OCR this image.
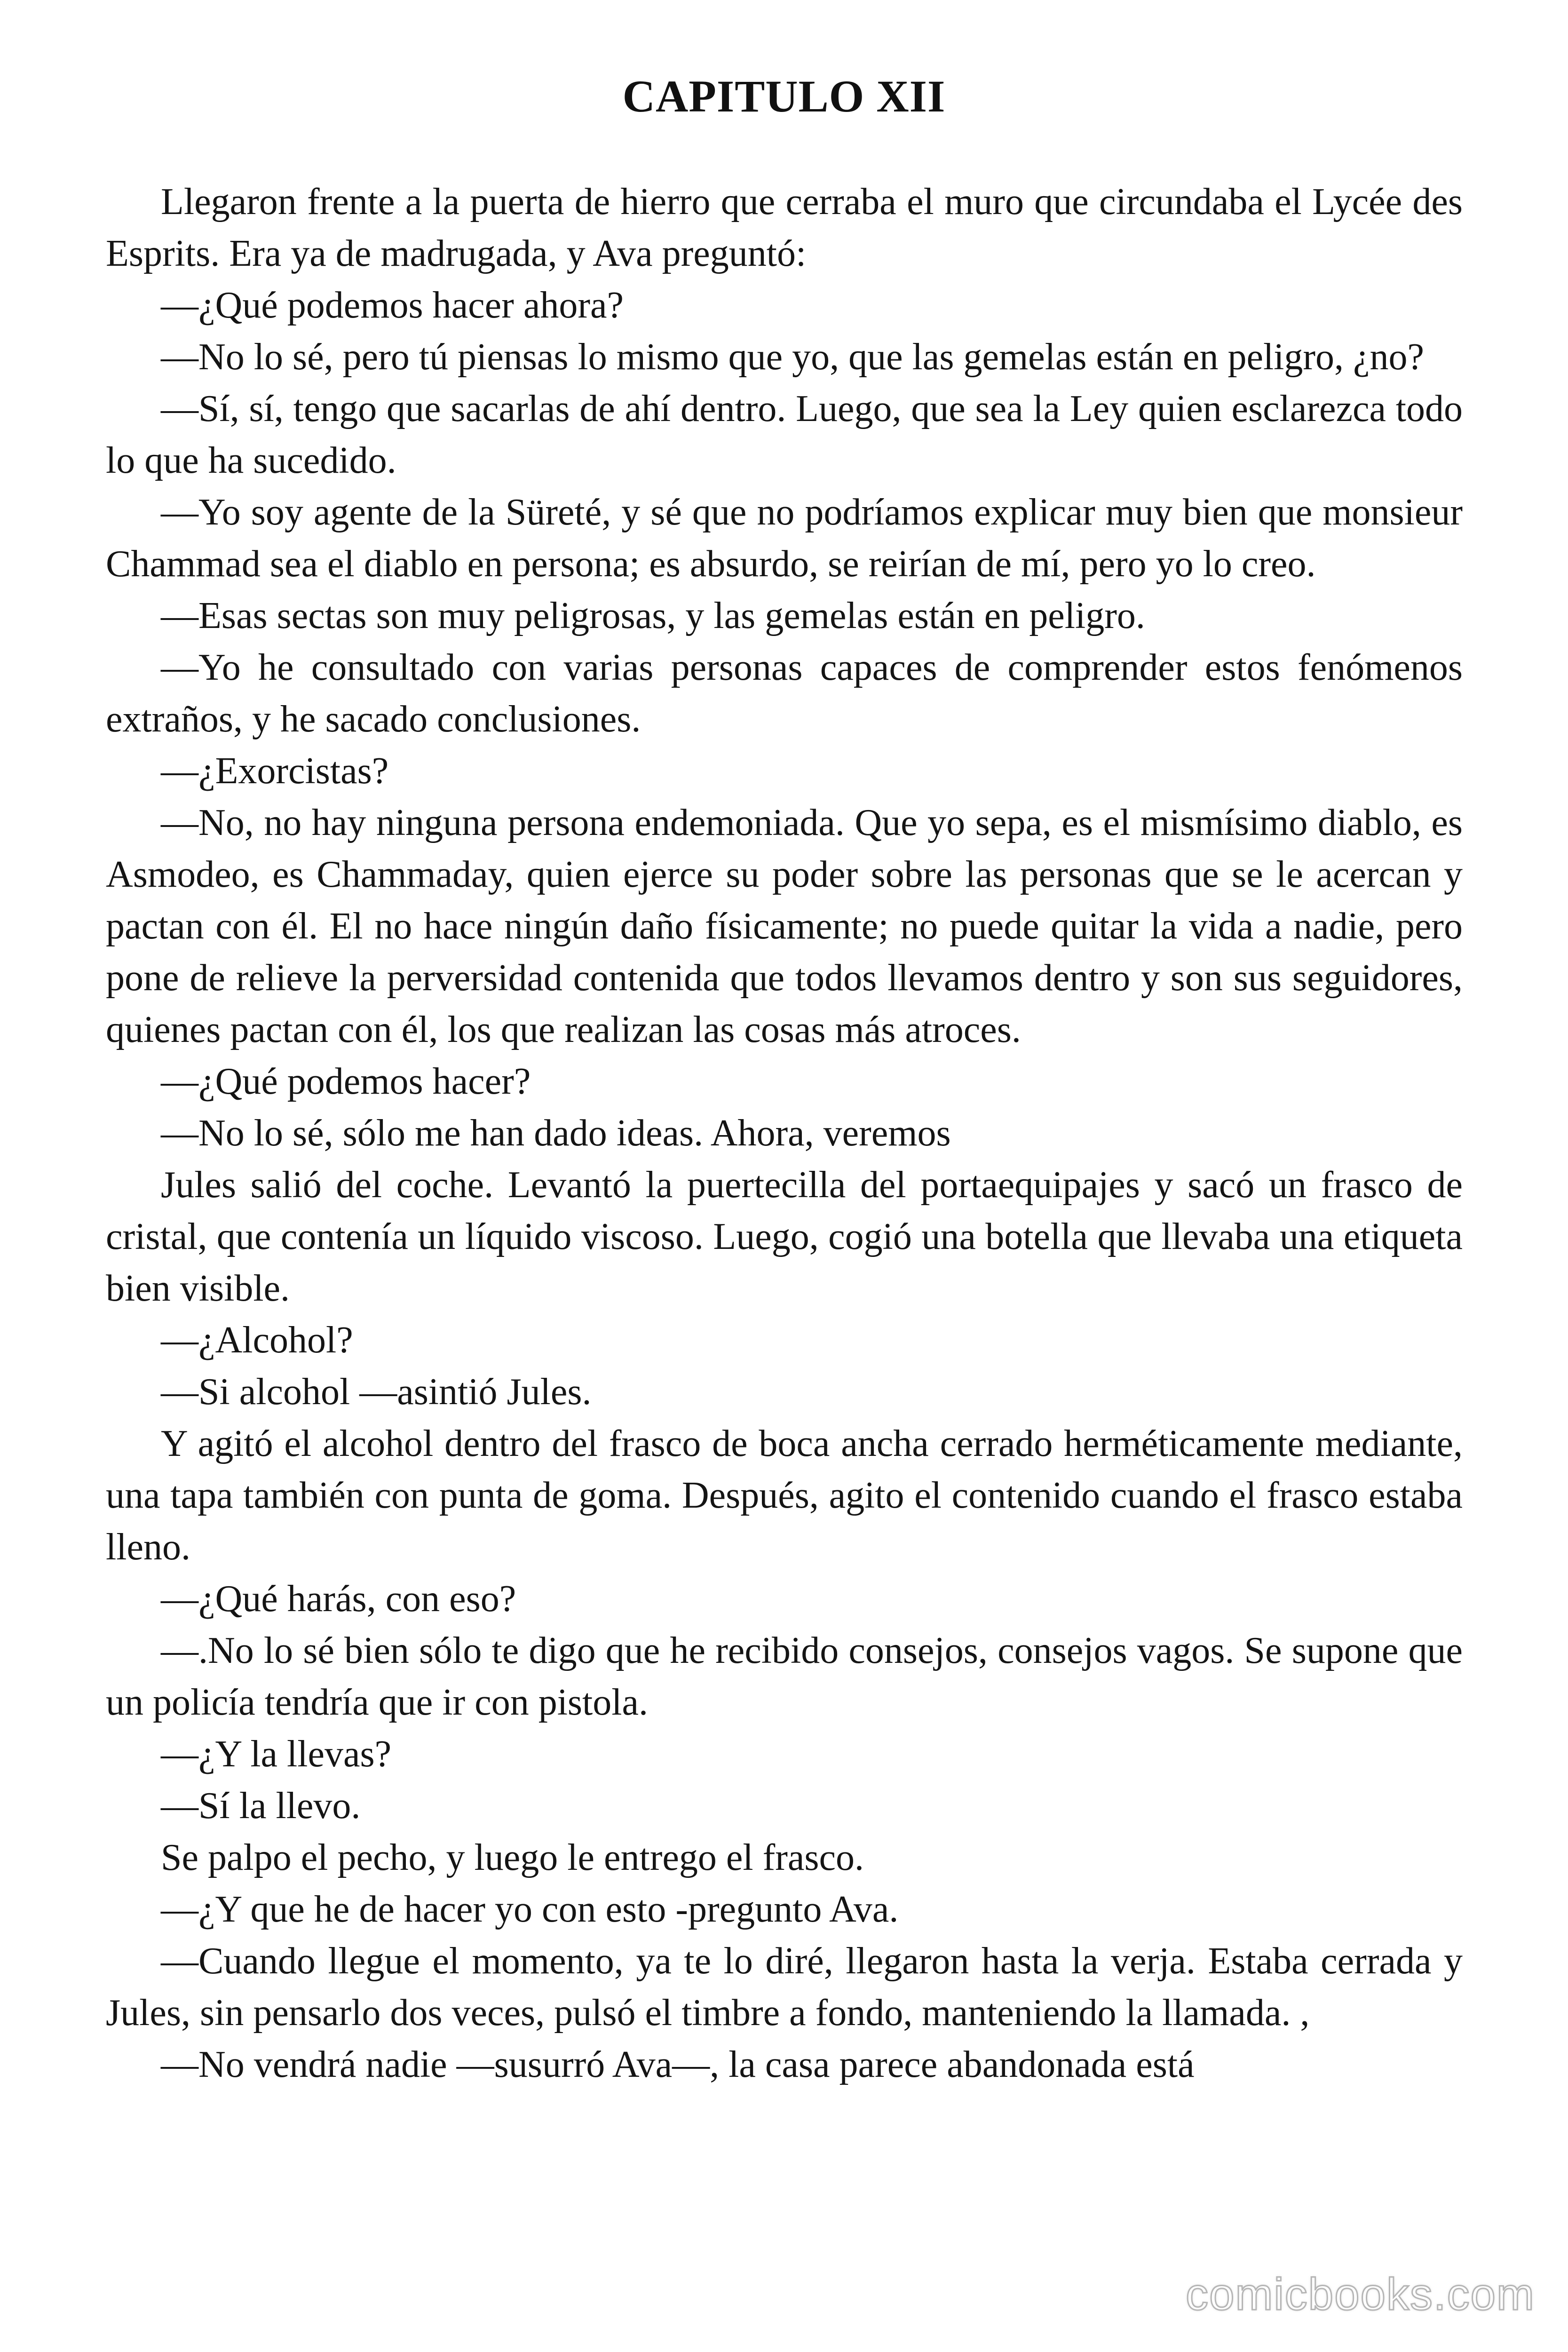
CAPITULO XII

Llegaron frente a la puerta de hierro que cerraba el muro que circundaba el Lycée des Esprits. Era ya de madrugada, y Ava preguntó:

—¿Qué podemos hacer ahora?

—No lo sé, pero tú piensas lo mismo que yo, que las gemelas están en peligro, ¿no?

—Sí, sí, tengo que sacarlas de ahí dentro. Luego, que sea la Ley quien esclarezca todo lo que ha sucedido.

—Yo soy agente de la Süreté, y sé que no podríamos explicar muy bien que monsieur Chammad sea el diablo en persona; es absurdo, se reirían de mí, pero yo lo creo.

—Esas sectas son muy peligrosas, y las gemelas están en peligro.

—Yo he consultado con varias personas capaces de comprender estos fenómenos extraños, y he sacado conclusiones.

—¿Exorcistas?

—No, no hay ninguna persona endemoniada. Que yo sepa, es el mismísimo diablo, es Asmodeo, es Chammaday, quien ejerce su poder sobre las personas que se le acercan y pactan con él. El no hace ningún daño físicamente; no puede quitar la vida a nadie, pero pone de relieve la perversidad contenida que todos llevamos dentro y son sus seguidores, quienes pactan con él, los que realizan las cosas más atroces.

—¿Qué podemos hacer?

—No lo sé, sólo me han dado ideas. Ahora, veremos

Jules salió del coche. Levantó la puertecilla del portaequipajes y sacó un frasco de cristal, que contenía un líquido viscoso. Luego, cogió una botella que llevaba una etiqueta bien visible.

—¿Alcohol?

—Si alcohol —asintió Jules.

Y agitó el alcohol dentro del frasco de boca ancha cerrado herméticamente mediante, una tapa también con punta de goma. Después, agito el contenido cuando el frasco estaba lleno.

—¿Qué harás, con eso?

—.No lo sé bien sólo te digo que he recibido consejos, consejos vagos. Se supone que un policía tendría que ir con pistola.

—¿Y la llevas?

—Sí la llevo.

Se palpo el pecho, y luego le entrego el frasco.

—¿Y que he de hacer yo con esto -pregunto Ava.

—Cuando llegue el momento, ya te lo diré, llegaron hasta la verja. Estaba cerrada y Jules, sin pensarlo dos veces, pulsó el timbre a fondo, manteniendo la llamada. ,

—No vendrá nadie —susurró Ava—, la casa parece abandonada está

comicbooks.com
